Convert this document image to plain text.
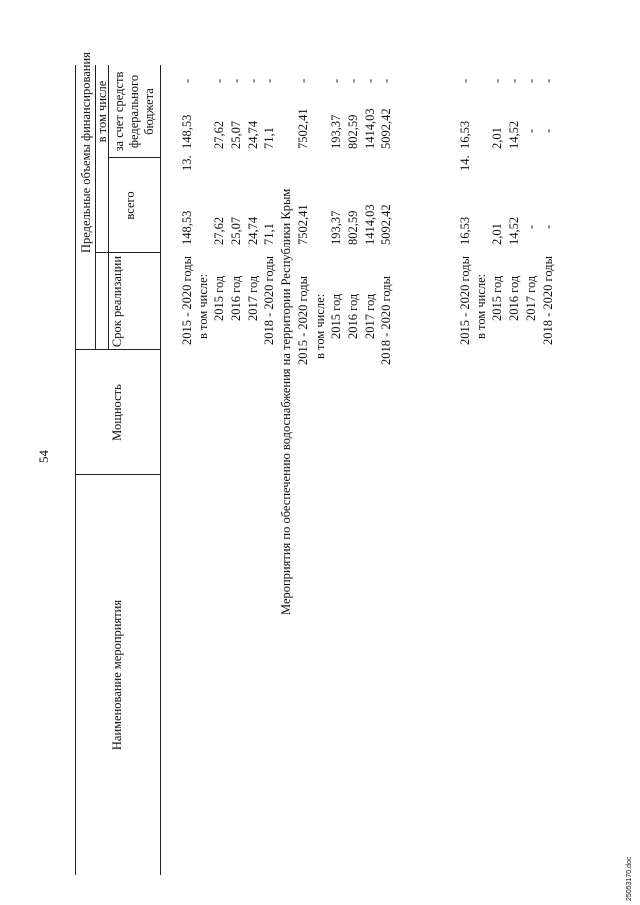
54
25053170.doc
Наименование мероприятия
Мощность
Срок реализации
Предельные объемы финансирования всего
в том числе за счет средств федерального бюджета
13.
2015 - 2020 годы в том числе: 2015 год 2016 год 2017 год 2018 - 2020 годы
148,53 27,62 25,07 24,74 71,1
148,53 27,62 25,07 24,74 71,1
- - - - -
Мероприятия по обеспечению водоснабжения на территории Республики Крым 2015 - 2020 годы в том числе: 2015 год 2016 год 2017 год 2018 - 2020 годы
7502,41 193,37 802,59 1414,03 5092,42
7502,41 193,37 802,59 1414,03 5092,42
- - - - -
14.
2015 - 2020 годы в том числе: 2015 год 2016 год 2017 год 2018 - 2020 годы
16,53 2,01 14,52 - -
16,53 2,01 14,52 - -
- - - - -
